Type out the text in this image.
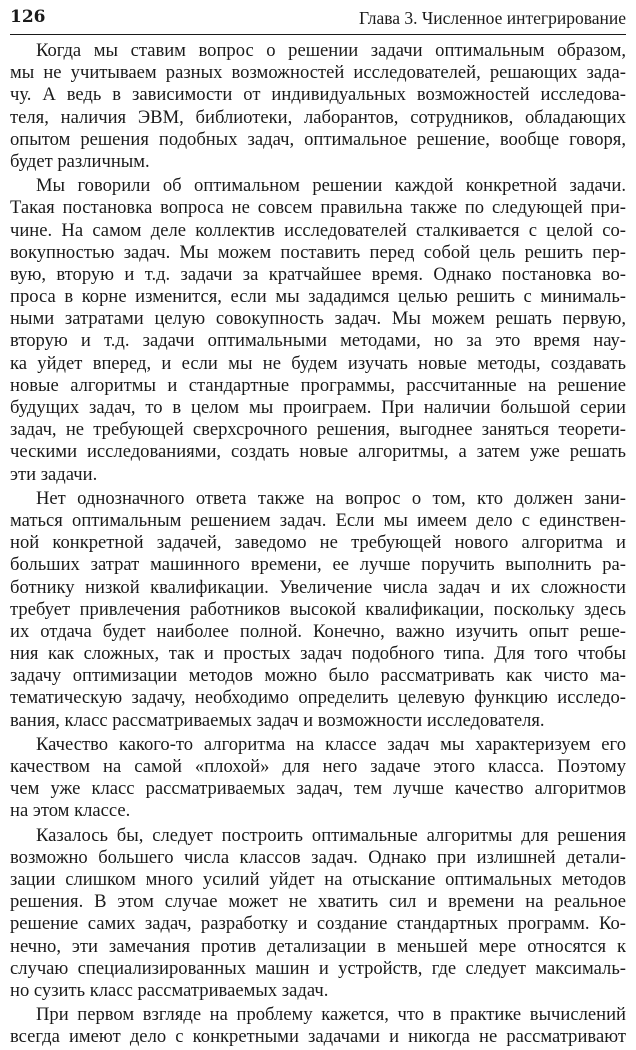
126	Глава 3. Численное интегрирование
Когда мы ставим вопрос о решении задачи оптимальным образом,
мы не учитываем разных возможностей исследователей, решающих зада-
чу. А ведь в зависимости от индивидуальных возможностей исследова-
теля, наличия ЭВМ, библиотеки, лаборантов, сотрудников, обладающих
опытом решения подобных задач, оптимальное решение, вообще говоря,
будет различным.
Мы говорили об оптимальном решении каждой конкретной задачи.
Такая постановка вопроса не совсем правильна также по следующей при-
чине. На самом деле коллектив исследователей сталкивается с целой со-
вокупностью задач. Мы можем поставить перед собой цель решить пер-
вую, вторую и т.д. задачи за кратчайшее время. Однако постановка во-
проса в корне изменится, если мы зададимся целью решить с минималь-
ными затратами целую совокупность задач. Мы можем решать первую,
вторую и т.д. задачи оптимальными методами, но за это время нау-
ка уйдет вперед, и если мы не будем изучать новые методы, создавать
новые алгоритмы и стандартные программы, рассчитанные на решение
будущих задач, то в целом мы проиграем. При наличии большой серии
задач, не требующей сверхсрочного решения, выгоднее заняться теорети-
ческими исследованиями, создать новые алгоритмы, а затем уже решать
эти задачи.
Нет однозначного ответа также на вопрос о том, кто должен зани-
маться оптимальным решением задач. Если мы имеем дело с единствен-
ной конкретной задачей, заведомо не требующей нового алгоритма и
больших затрат машинного времени, ее лучше поручить выполнить ра-
ботнику низкой квалификации. Увеличение числа задач и их сложности
требует привлечения работников высокой квалификации, поскольку здесь
их отдача будет наиболее полной. Конечно, важно изучить опыт реше-
ния как сложных, так и простых задач подобного типа. Для того чтобы
задачу оптимизации методов можно было рассматривать как чисто ма-
тематическую задачу, необходимо определить целевую функцию исследо-
вания, класс рассматриваемых задач и возможности исследователя.
Качество какого-то алгоритма на классе задач мы характеризуем его
качеством на самой «плохой» для него задаче этого класса. Поэтому
чем уже класс рассматриваемых задач, тем лучше качество алгоритмов
на этом классе.
Казалось бы, следует построить оптимальные алгоритмы для решения
возможно большего числа классов задач. Однако при излишней детали-
зации слишком много усилий уйдет на отыскание оптимальных методов
решения. В этом случае может не хватить сил и времени на реальное
решение самих задач, разработку и создание стандартных программ. Ко-
нечно, эти замечания против детализации в меньшей мере относятся к
случаю специализированных машин и устройств, где следует максималь-
но сузить класс рассматриваемых задач.
При первом взгляде на проблему кажется, что в практике вычислений
всегда имеют дело с конкретными задачами и никогда не рассматривают
